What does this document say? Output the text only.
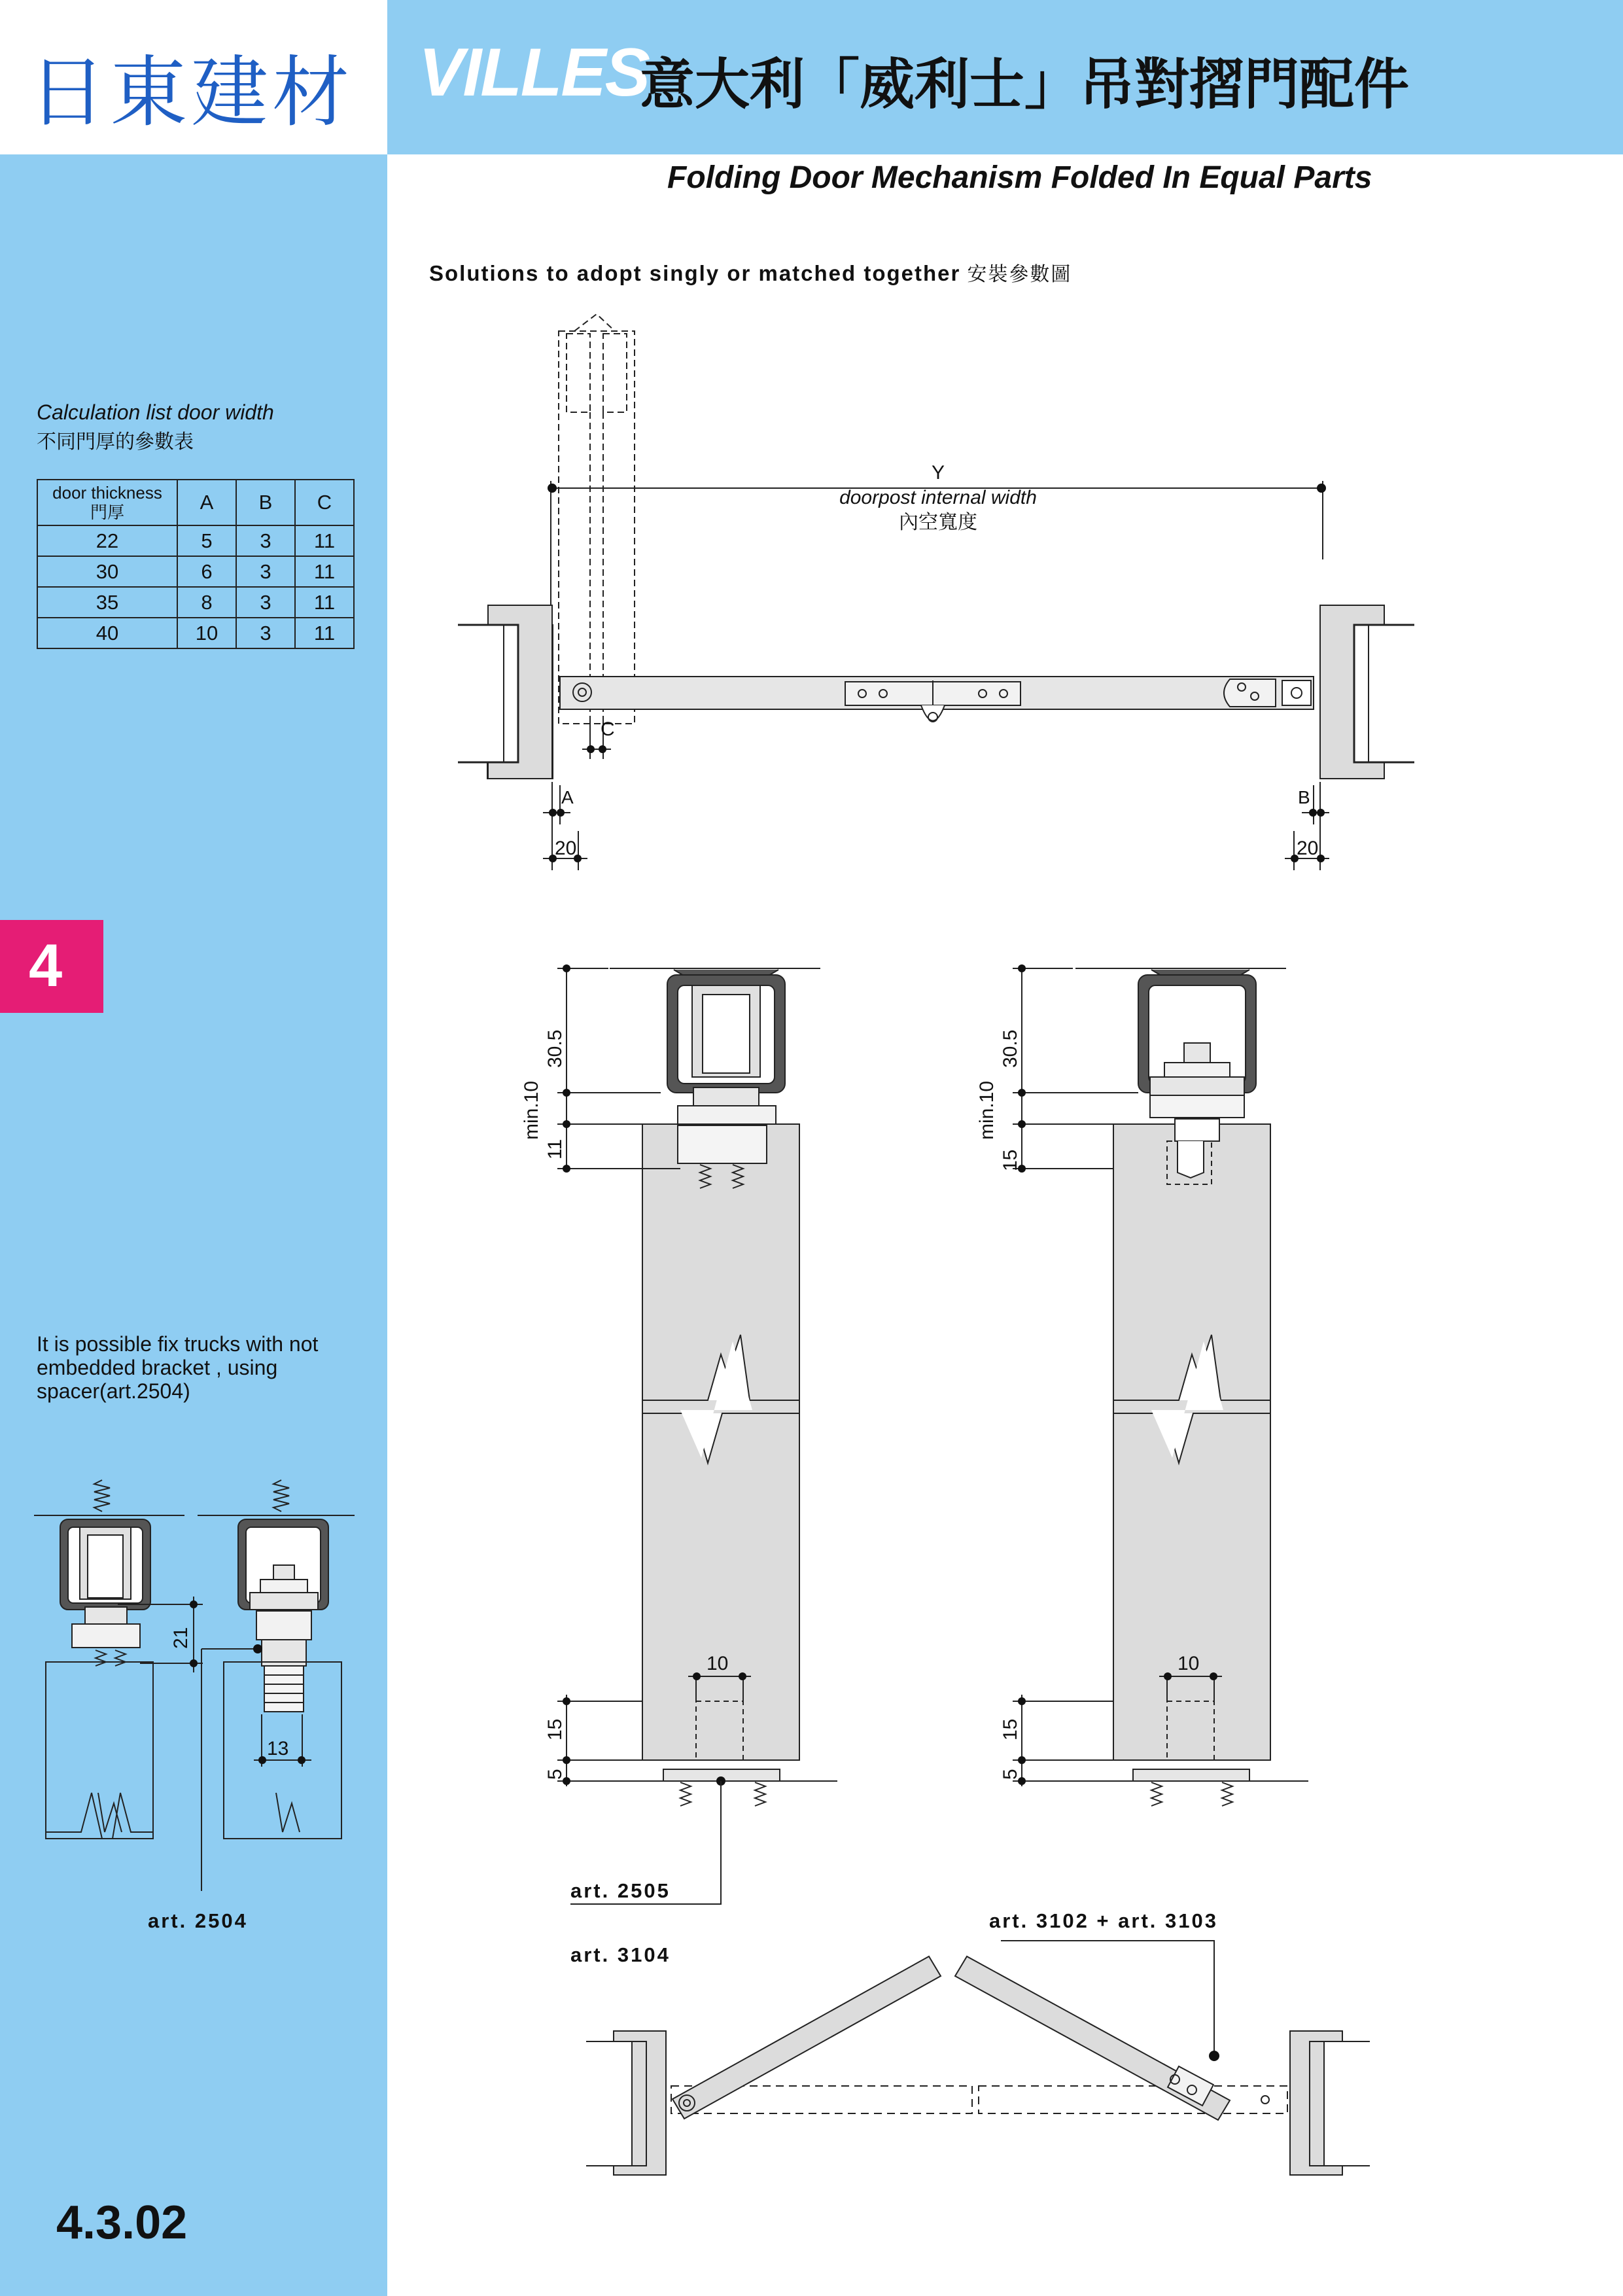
日東建材 VILLES
意大利「威利士」吊對摺門配件
Folding Door Mechanism Folded In Equal Parts
Solutions to adopt singly or matched together 安裝參數圖
Calculation list door width
不同門厚的參數表
door thickness
門厚	A	B	C
22	5	3	11
30	6	3	11
35	8	3	11
40	10	3	11
4
It is possible fix trucks with not embedded bracket , using spacer(art.2504)
4.3.02
Y
doorpost internal width
內空寬度
C
A	B
20	20
min.10
30.5
11
15
5
10
min.10
30.5
15
15
5
10
21
13
art. 2504
art. 2505
art. 3104
art. 3102 + art. 3103
